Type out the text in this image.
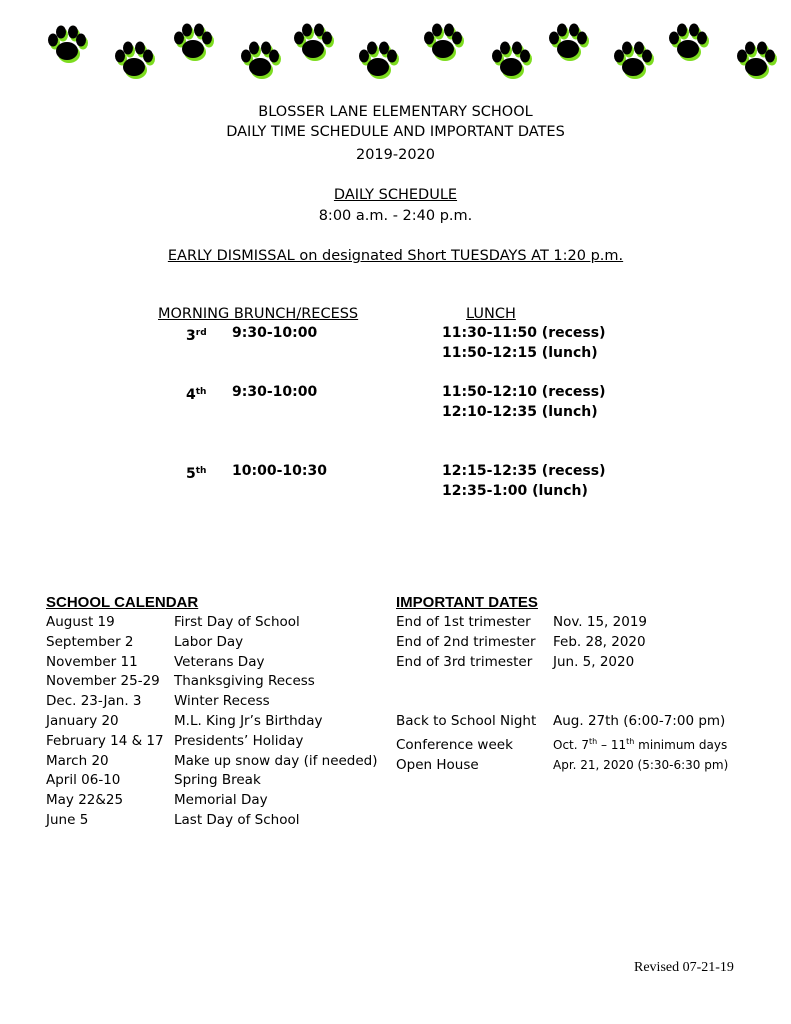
BLOSSER LANE ELEMENTARY SCHOOL
DAILY TIME SCHEDULE AND IMPORTANT DATES
2019-2020
DAILY SCHEDULE
8:00 a.m. - 2:40 p.m.
EARLY DISMISSAL on designated Short TUESDAYS AT 1:20 p.m.
MORNING BRUNCH/RECESS	LUNCH
3rd 9:30-10:00	11:30-11:50 (recess)
11:50-12:15 (lunch)
4th 9:30-10:00	11:50-12:10 (recess)
12:10-12:35 (lunch)
5th 10:00-10:30	12:15-12:35 (recess)
12:35-1:00 (lunch)
SCHOOL CALENDAR
August 19	First Day of School
September 2	Labor Day
November 11	Veterans Day
November 25-29 Thanksgiving Recess
Dec. 23-Jan. 3 Winter Recess
January 20	M.L. King Jr’s Birthday
February 14 & 17 Presidents’ Holiday
March 20	Make up snow day (if needed)
April 06-10	Spring Break
May 22&25	Memorial Day
June 5	Last Day of School
IMPORTANT DATES
End of 1st trimester Nov. 15, 2019
End of 2nd trimester Feb. 28, 2020
End of 3rd trimester Jun. 5, 2020

Back to School Night Aug. 27th (6:00-7:00 pm)
Conference week	Oct. 7th – 11th minimum days
Open House	Apr. 21, 2020 (5:30-6:30 pm)
Revised 07-21-19
